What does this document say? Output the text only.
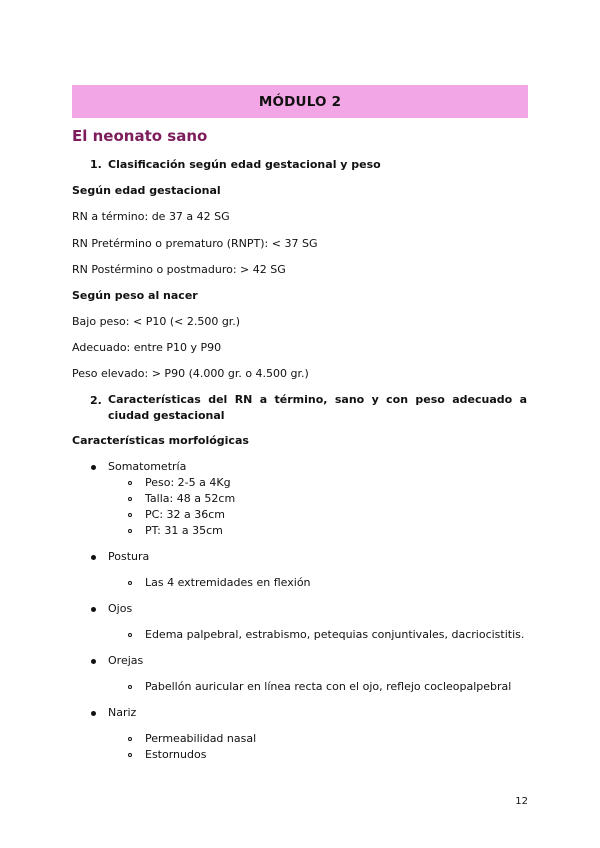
MÓDULO 2
El neonato sano
1. Clasificación según edad gestacional y peso
Según edad gestacional
RN a término: de 37 a 42 SG
RN Pretérmino o prematuro (RNPT): < 37 SG
RN Postérmino o postmaduro: > 42 SG
Según peso al nacer
Bajo peso: < P10 (< 2.500 gr.)
Adecuado: entre P10 y P90
Peso elevado: > P90 (4.000 gr. o 4.500 gr.)
2. Características del RN a término, sano y con peso adecuado a ciudad gestacional
Características morfológicas
Somatometría
Peso: 2-5 a 4Kg
Talla: 48 a 52cm
PC: 32 a 36cm
PT: 31 a 35cm
Postura
Las 4 extremidades en flexión
Ojos
Edema palpebral, estrabismo, petequias conjuntivales, dacriocistitis.
Orejas
Pabellón auricular en línea recta con el ojo, reflejo cocleopalpebral
Nariz
Permeabilidad nasal
Estornudos
12
